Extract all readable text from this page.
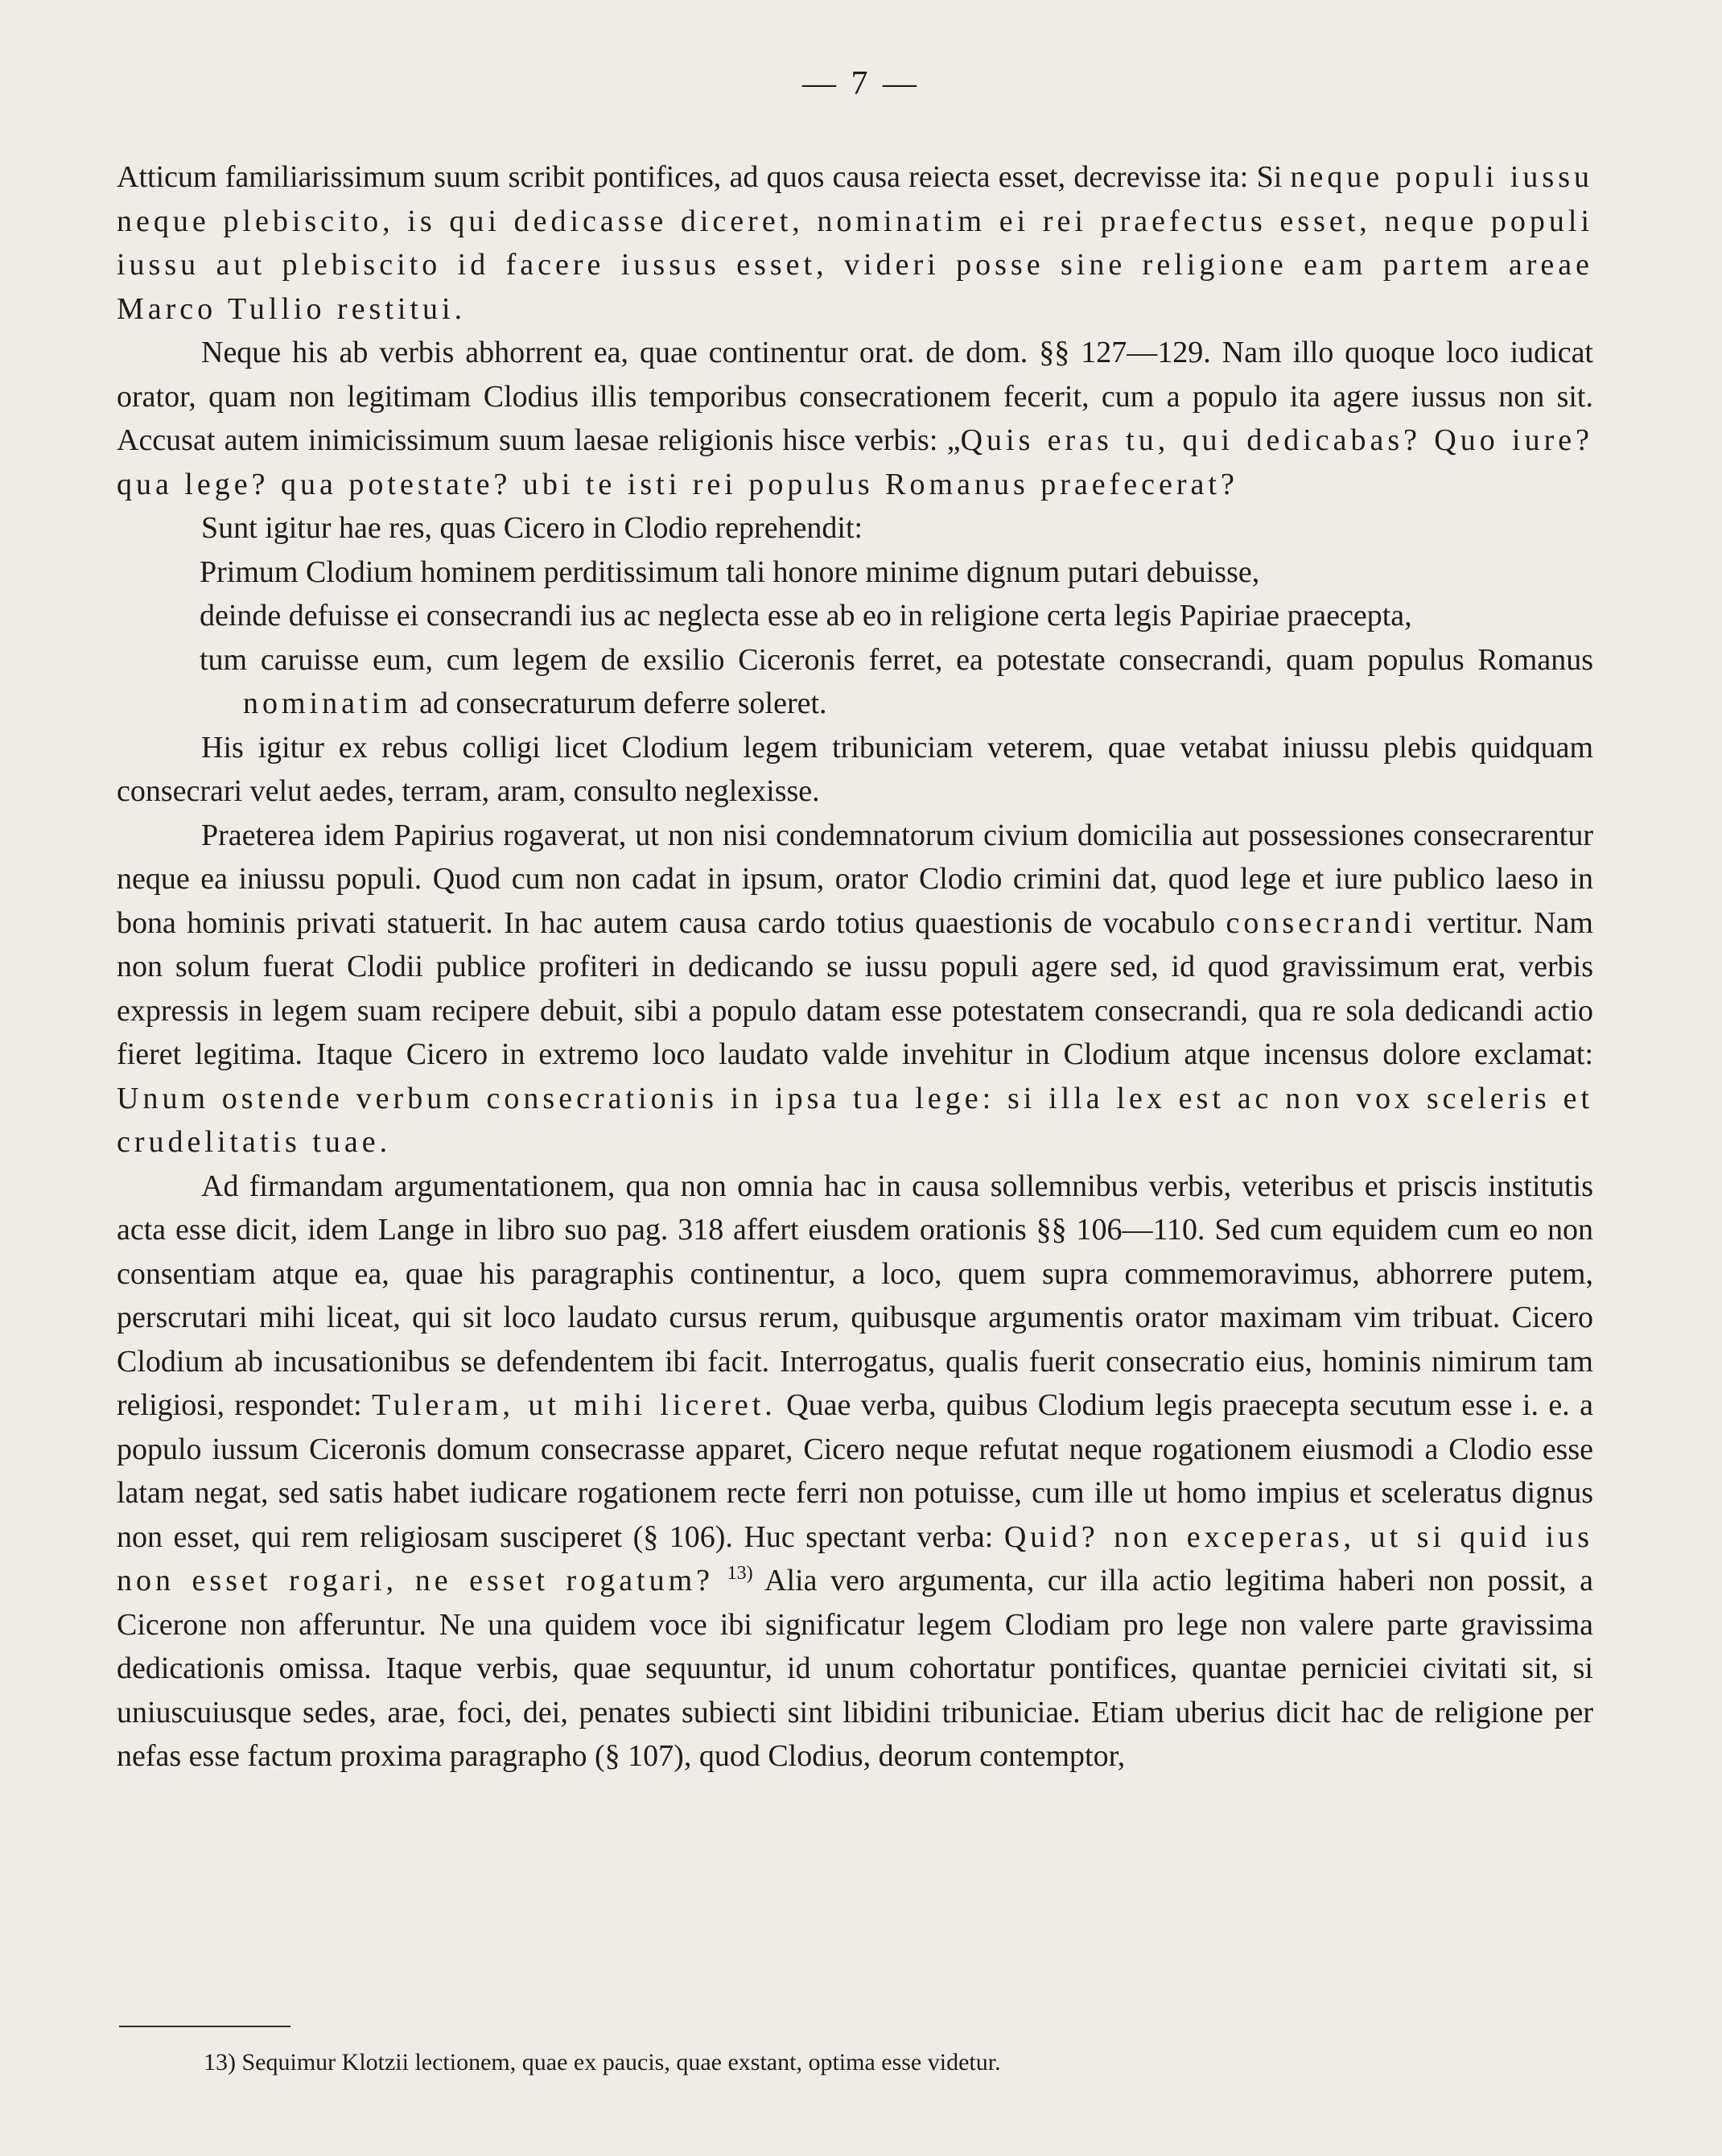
— 7 —

Atticum familiarissimum suum scribit pontifices, ad quos causa reiecta esset, decrevisse ita: Si neque populi iussu neque plebiscito, is qui dedicasse diceret, nominatim ei rei praefectus esset, neque populi iussu aut plebiscito id facere iussus esset, videri posse sine religione eam partem areae Marco Tullio restitui.

Neque his ab verbis abhorrent ea, quae continentur orat. de dom. §§ 127—129. Nam illo quoque loco iudicat orator, quam non legitimam Clodius illis temporibus consecrationem fecerit, cum a populo ita agere iussus non sit. Accusat autem inimicissimum suum laesae religionis hisce verbis: „Quis eras tu, qui dedicabas? Quo iure? qua lege? qua potestate? ubi te isti rei populus Romanus praefecerat?

Sunt igitur hae res, quas Cicero in Clodio reprehendit:

Primum Clodium hominem perditissimum tali honore minime dignum putari debuisse,

deinde defuisse ei consecrandi ius ac neglecta esse ab eo in religione certa legis Papiriae praecepta,

tum caruisse eum, cum legem de exsilio Ciceronis ferret, ea potestate consecrandi, quam populus Romanus nominatim ad consecraturum deferre soleret.

His igitur ex rebus colligi licet Clodium legem tribuniciam veterem, quae vetabat iniussu plebis quidquam consecrari velut aedes, terram, aram, consulto neglexisse.

Praeterea idem Papirius rogaverat, ut non nisi condemnatorum civium domicilia aut possessiones consecrarentur neque ea iniussu populi. Quod cum non cadat in ipsum, orator Clodio crimini dat, quod lege et iure publico laeso in bona hominis privati statuerit. In hac autem causa cardo totius quaestionis de vocabulo consecrandi vertitur. Nam non solum fuerat Clodii publice profiteri in dedicando se iussu populi agere sed, id quod gravissimum erat, verbis expressis in legem suam recipere debuit, sibi a populo datam esse potestatem consecrandi, qua re sola dedicandi actio fieret legitima. Itaque Cicero in extremo loco laudato valde invehitur in Clodium atque incensus dolore exclamat: Unum ostende verbum consecrationis in ipsa tua lege: si illa lex est ac non vox sceleris et crudelitatis tuae.

Ad firmandam argumentationem, qua non omnia hac in causa sollemnibus verbis, veteribus et priscis institutis acta esse dicit, idem Lange in libro suo pag. 318 affert eiusdem orationis §§ 106—110. Sed cum equidem cum eo non consentiam atque ea, quae his paragraphis continentur, a loco, quem supra commemoravimus, abhorrere putem, perscrutari mihi liceat, qui sit loco laudato cursus rerum, quibusque argumentis orator maximam vim tribuat. Cicero Clodium ab incusationibus se defendentem ibi facit. Interrogatus, qualis fuerit consecratio eius, hominis nimirum tam religiosi, respondet: Tuleram, ut mihi liceret. Quae verba, quibus Clodium legis praecepta secutum esse i. e. a populo iussum Ciceronis domum consecrasse apparet, Cicero neque refutat neque rogationem eiusmodi a Clodio esse latam negat, sed satis habet iudicare rogationem recte ferri non potuisse, cum ille ut homo impius et sceleratus dignus non esset, qui rem religiosam susciperet (§ 106). Huc spectant verba: Quid? non exceperas, ut si quid ius non esset rogari, ne esset rogatum? $^{13)}$ Alia vero argumenta, cur illa actio legitima haberi non possit, a Cicerone non afferuntur. Ne una quidem voce ibi significatur legem Clodiam pro lege non valere parte gravissima dedicationis omissa. Itaque verbis, quae sequuntur, id unum cohortatur pontifices, quantae perniciei civitati sit, si uniuscuiusque sedes, arae, foci, dei, penates subiecti sint libidini tribuniciae. Etiam uberius dicit hac de religione per nefas esse factum proxima paragrapho (§ 107), quod Clodius, deorum contemptor,

13) Sequimur Klotzii lectionem, quae ex paucis, quae exstant, optima esse videtur.
